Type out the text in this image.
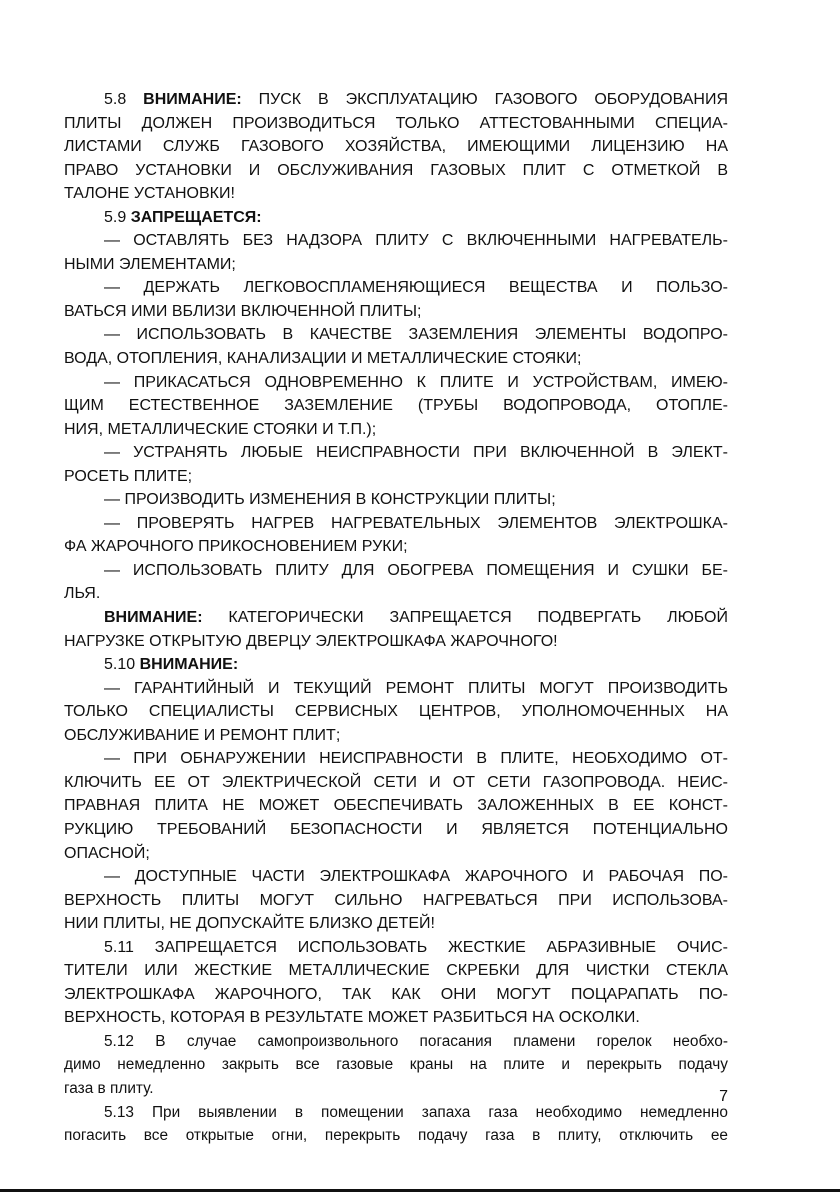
5.8 ВНИМАНИЕ: ПУСК В ЭКСПЛУАТАЦИЮ ГАЗОВОГО ОБОРУДОВАНИЯ
ПЛИТЫ ДОЛЖЕН ПРОИЗВОДИТЬСЯ ТОЛЬКО АТТЕСТОВАННЫМИ СПЕЦИА-
ЛИСТАМИ СЛУЖБ ГАЗОВОГО ХОЗЯЙСТВА, ИМЕЮЩИМИ ЛИЦЕНЗИЮ НА
ПРАВО УСТАНОВКИ И ОБСЛУЖИВАНИЯ ГАЗОВЫХ ПЛИТ С ОТМЕТКОЙ В
ТАЛОНЕ УСТАНОВКИ!
5.9 ЗАПРЕЩАЕТСЯ:
— ОСТАВЛЯТЬ БЕЗ НАДЗОРА ПЛИТУ С ВКЛЮЧЕННЫМИ НАГРЕВАТЕЛЬ-
НЫМИ ЭЛЕМЕНТАМИ;
— ДЕРЖАТЬ ЛЕГКОВОСПЛАМЕНЯЮЩИЕСЯ ВЕЩЕСТВА И ПОЛЬЗО-
ВАТЬСЯ ИМИ ВБЛИЗИ ВКЛЮЧЕННОЙ ПЛИТЫ;
— ИСПОЛЬЗОВАТЬ В КАЧЕСТВЕ ЗАЗЕМЛЕНИЯ ЭЛЕМЕНТЫ ВОДОПРО-
ВОДА, ОТОПЛЕНИЯ, КАНАЛИЗАЦИИ И МЕТАЛЛИЧЕСКИЕ СТОЯКИ;
— ПРИКАСАТЬСЯ ОДНОВРЕМЕННО К ПЛИТЕ И УСТРОЙСТВАМ, ИМЕЮ-
ЩИМ ЕСТЕСТВЕННОЕ ЗАЗЕМЛЕНИЕ (ТРУБЫ ВОДОПРОВОДА, ОТОПЛЕ-
НИЯ, МЕТАЛЛИЧЕСКИЕ СТОЯКИ И Т.П.);
— УСТРАНЯТЬ ЛЮБЫЕ НЕИСПРАВНОСТИ ПРИ ВКЛЮЧЕННОЙ В ЭЛЕКТ-
РОСЕТЬ ПЛИТЕ;
— ПРОИЗВОДИТЬ ИЗМЕНЕНИЯ В КОНСТРУКЦИИ ПЛИТЫ;
— ПРОВЕРЯТЬ НАГРЕВ НАГРЕВАТЕЛЬНЫХ ЭЛЕМЕНТОВ ЭЛЕКТРОШКА-
ФА ЖАРОЧНОГО ПРИКОСНОВЕНИЕМ РУКИ;
— ИСПОЛЬЗОВАТЬ ПЛИТУ ДЛЯ ОБОГРЕВА ПОМЕЩЕНИЯ И СУШКИ БЕ-
ЛЬЯ.
ВНИМАНИЕ: КАТЕГОРИЧЕСКИ ЗАПРЕЩАЕТСЯ ПОДВЕРГАТЬ ЛЮБОЙ
НАГРУЗКЕ ОТКРЫТУЮ ДВЕРЦУ ЭЛЕКТРОШКАФА ЖАРОЧНОГО!
5.10 ВНИМАНИЕ:
— ГАРАНТИЙНЫЙ И ТЕКУЩИЙ РЕМОНТ ПЛИТЫ МОГУТ ПРОИЗВОДИТЬ
ТОЛЬКО СПЕЦИАЛИСТЫ СЕРВИСНЫХ ЦЕНТРОВ, УПОЛНОМОЧЕННЫХ НА
ОБСЛУЖИВАНИЕ И РЕМОНТ ПЛИТ;
— ПРИ ОБНАРУЖЕНИИ НЕИСПРАВНОСТИ В ПЛИТЕ, НЕОБХОДИМО ОТ-
КЛЮЧИТЬ ЕЕ ОТ ЭЛЕКТРИЧЕСКОЙ СЕТИ И ОТ СЕТИ ГАЗОПРОВОДА. НЕИС-
ПРАВНАЯ ПЛИТА НЕ МОЖЕТ ОБЕСПЕЧИВАТЬ ЗАЛОЖЕННЫХ В ЕЕ КОНСТ-
РУКЦИЮ ТРЕБОВАНИЙ БЕЗОПАСНОСТИ И ЯВЛЯЕТСЯ ПОТЕНЦИАЛЬНО
ОПАСНОЙ;
— ДОСТУПНЫЕ ЧАСТИ ЭЛЕКТРОШКАФА ЖАРОЧНОГО И РАБОЧАЯ ПО-
ВЕРХНОСТЬ ПЛИТЫ МОГУТ СИЛЬНО НАГРЕВАТЬСЯ ПРИ ИСПОЛЬЗОВА-
НИИ ПЛИТЫ, НЕ ДОПУСКАЙТЕ БЛИЗКО ДЕТЕЙ!
5.11 ЗАПРЕЩАЕТСЯ ИСПОЛЬЗОВАТЬ ЖЕСТКИЕ АБРАЗИВНЫЕ ОЧИС-
ТИТЕЛИ ИЛИ ЖЕСТКИЕ МЕТАЛЛИЧЕСКИЕ СКРЕБКИ ДЛЯ ЧИСТКИ СТЕКЛА
ЭЛЕКТРОШКАФА ЖАРОЧНОГО, ТАК КАК ОНИ МОГУТ ПОЦАРАПАТЬ ПО-
ВЕРХНОСТЬ, КОТОРАЯ В РЕЗУЛЬТАТЕ МОЖЕТ РАЗБИТЬСЯ НА ОСКОЛКИ.
5.12 В случае самопроизвольного погасания пламени горелок необхо-
димо немедленно закрыть все газовые краны на плите и перекрыть подачу
газа в плиту.
5.13 При выявлении в помещении запаха газа необходимо немедленно
погасить все открытые огни, перекрыть подачу газа в плиту, отключить ее
7
